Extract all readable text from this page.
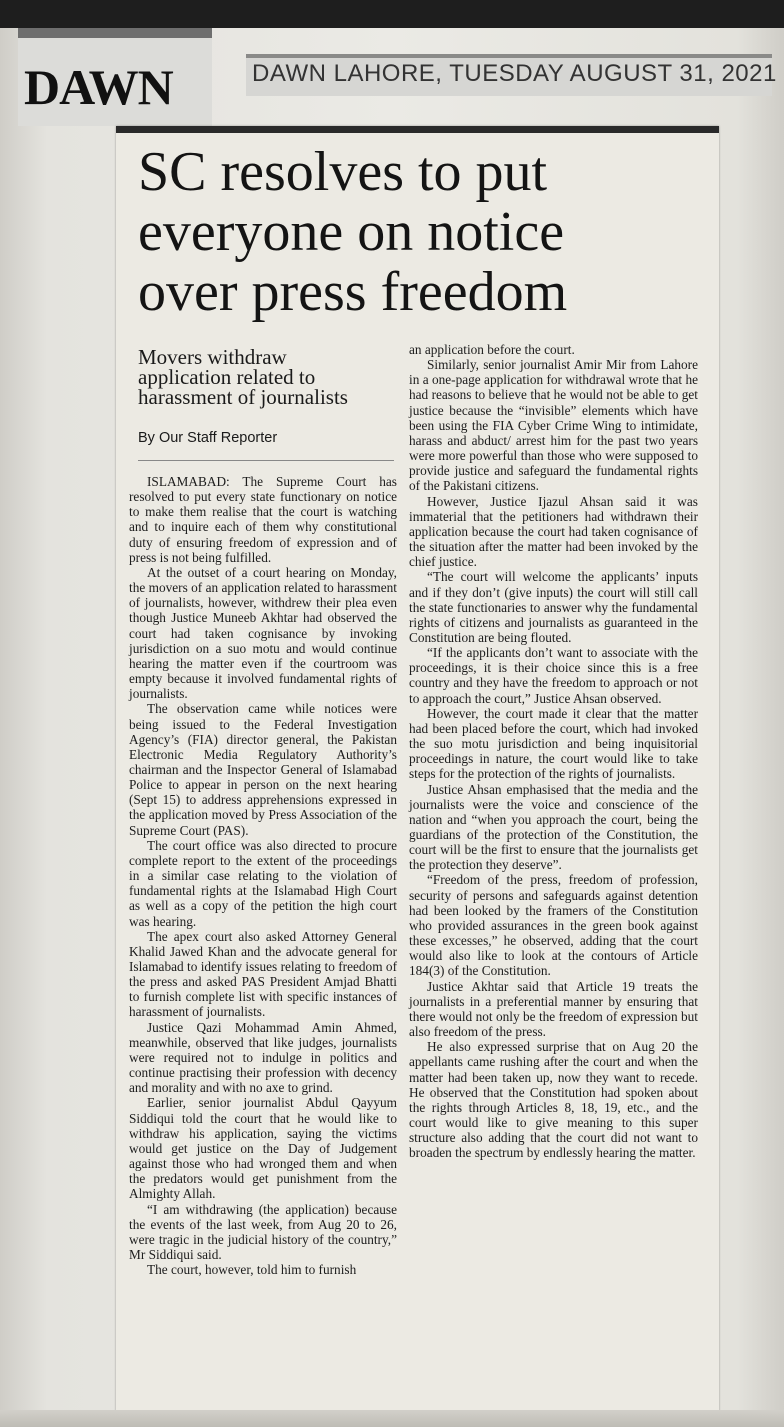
DAWN	DAWN LAHORE, TUESDAY AUGUST 31, 2021
SC resolves to put
everyone on notice
over press freedom
Movers withdraw
application related to
harassment of journalists
By Our Staff Reporter

ISLAMABAD: The Supreme Court has resolved to put every state functionary on notice to make them realise that the court is watching and to inquire each of them why constitutional duty of ensuring freedom of expression and of press is not being fulfilled.

At the outset of a court hearing on Monday, the movers of an application related to harassment of journalists, however, withdrew their plea even though Justice Muneeb Akhtar had observed the court had taken cognisance by invoking jurisdiction on a suo motu and would continue hearing the matter even if the courtroom was empty because it involved fundamental rights of journalists.

The observation came while notices were being issued to the Federal Investigation Agency’s (FIA) director general, the Pakistan Electronic Media Regulatory Authority’s chairman and the Inspector General of Islamabad Police to appear in person on the next hearing (Sept 15) to address apprehensions expressed in the application moved by Press Association of the Supreme Court (PAS).

The court office was also directed to procure complete report to the extent of the proceedings in a similar case relating to the violation of fundamental rights at the Islamabad High Court as well as a copy of the petition the high court was hearing.

The apex court also asked Attorney General Khalid Jawed Khan and the advocate general for Islamabad to identify issues relating to freedom of the press and asked PAS President Amjad Bhatti to furnish complete list with specific instances of harassment of journalists.

Justice Qazi Mohammad Amin Ahmed, meanwhile, observed that like judges, journalists were required not to indulge in politics and continue practising their profession with decency and morality and with no axe to grind.

Earlier, senior journalist Abdul Qayyum Siddiqui told the court that he would like to withdraw his application, saying the victims would get justice on the Day of Judgement against those who had wronged them and when the predators would get punishment from the Almighty Allah.

“I am withdrawing (the application) because the events of the last week, from Aug 20 to 26, were tragic in the judicial history of the country,” Mr Siddiqui said.

The court, however, told him to furnish

an application before the court.

Similarly, senior journalist Amir Mir from Lahore in a one-page application for withdrawal wrote that he had reasons to believe that he would not be able to get justice because the “invisible” elements which have been using the FIA Cyber Crime Wing to intimidate, harass and abduct/ arrest him for the past two years were more powerful than those who were supposed to provide justice and safeguard the fundamental rights of the Pakistani citizens.

However, Justice Ijazul Ahsan said it was immaterial that the petitioners had withdrawn their application because the court had taken cognisance of the situation after the matter had been invoked by the chief justice.

“The court will welcome the applicants’ inputs and if they don’t (give inputs) the court will still call the state functionaries to answer why the fundamental rights of citizens and journalists as guaranteed in the Constitution are being flouted.

“If the applicants don’t want to associate with the proceedings, it is their choice since this is a free country and they have the freedom to approach or not to approach the court,” Justice Ahsan observed.

However, the court made it clear that the matter had been placed before the court, which had invoked the suo motu jurisdiction and being inquisitorial proceedings in nature, the court would like to take steps for the protection of the rights of journalists.

Justice Ahsan emphasised that the media and the journalists were the voice and conscience of the nation and “when you approach the court, being the guardians of the protection of the Constitution, the court will be the first to ensure that the journalists get the protection they deserve”.

“Freedom of the press, freedom of profession, security of persons and safeguards against detention had been looked by the framers of the Constitution who provided assurances in the green book against these excesses,” he observed, adding that the court would also like to look at the contours of Article 184(3) of the Constitution.

Justice Akhtar said that Article 19 treats the journalists in a preferential manner by ensuring that there would not only be the freedom of expression but also freedom of the press.

He also expressed surprise that on Aug 20 the appellants came rushing after the court and when the matter had been taken up, now they want to recede. He observed that the Constitution had spoken about the rights through Articles 8, 18, 19, etc., and the court would like to give meaning to this super structure also adding that the court did not want to broaden the spectrum by endlessly hearing the matter.
